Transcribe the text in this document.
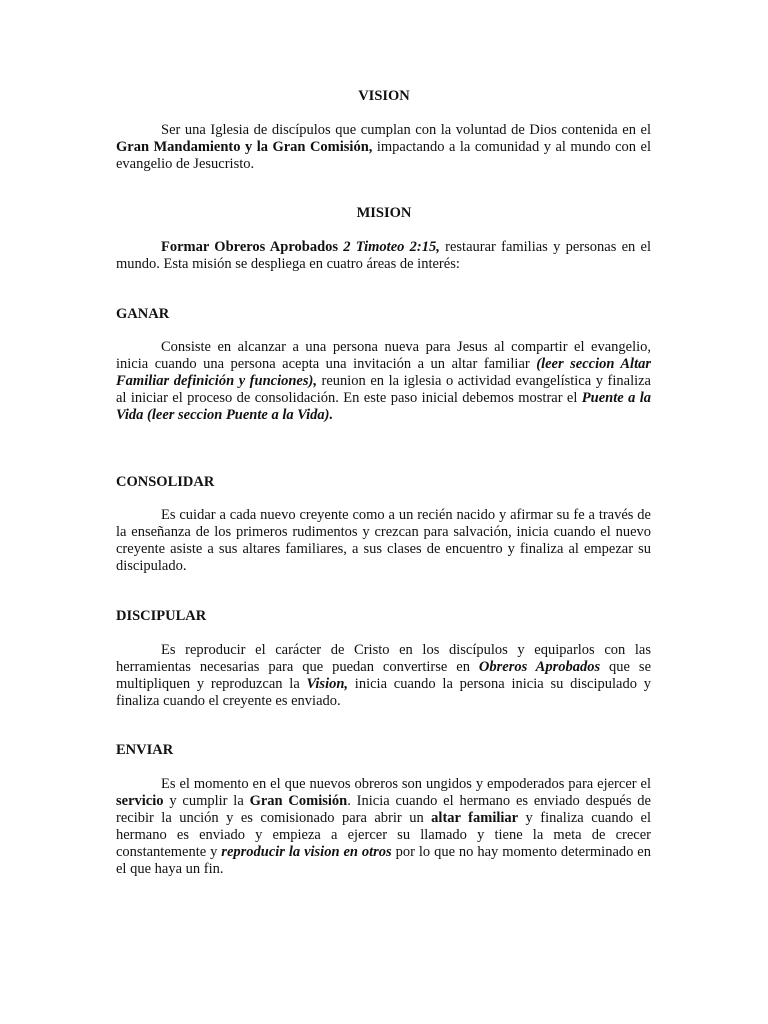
VISION

Ser una Iglesia de discípulos que cumplan con la voluntad de Dios contenida en el Gran Mandamiento y la Gran Comisión, impactando a la comunidad y al mundo con el evangelio de Jesucristo.

MISION

Formar Obreros Aprobados 2 Timoteo 2:15, restaurar familias y personas en el mundo. Esta misión se despliega en cuatro áreas de interés:

GANAR

Consiste en alcanzar a una persona nueva para Jesus al compartir el evangelio, inicia cuando una persona acepta una invitación a un altar familiar (leer seccion Altar Familiar definición y funciones), reunion en la iglesia o actividad evangelística y finaliza al iniciar el proceso de consolidación. En este paso inicial debemos mostrar el Puente a la Vida (leer seccion Puente a la Vida).

CONSOLIDAR

Es cuidar a cada nuevo creyente como a un recién nacido y afirmar su fe a través de la enseñanza de los primeros rudimentos y crezcan para salvación, inicia cuando el nuevo creyente asiste a sus altares familiares, a sus clases de encuentro y finaliza al empezar su discipulado.

DISCIPULAR

Es reproducir el carácter de Cristo en los discípulos y equiparlos con las herramientas necesarias para que puedan convertirse en Obreros Aprobados que se multipliquen y reproduzcan la Vision, inicia cuando la persona inicia su discipulado y finaliza cuando el creyente es enviado.

ENVIAR

Es el momento en el que nuevos obreros son ungidos y empoderados para ejercer el servicio y cumplir la Gran Comisión. Inicia cuando el hermano es enviado después de recibir la unción y es comisionado para abrir un altar familiar y finaliza cuando el hermano es enviado y empieza a ejercer su llamado y tiene la meta de crecer constantemente y reproducir la vision en otros por lo que no hay momento determinado en el que haya un fin.
